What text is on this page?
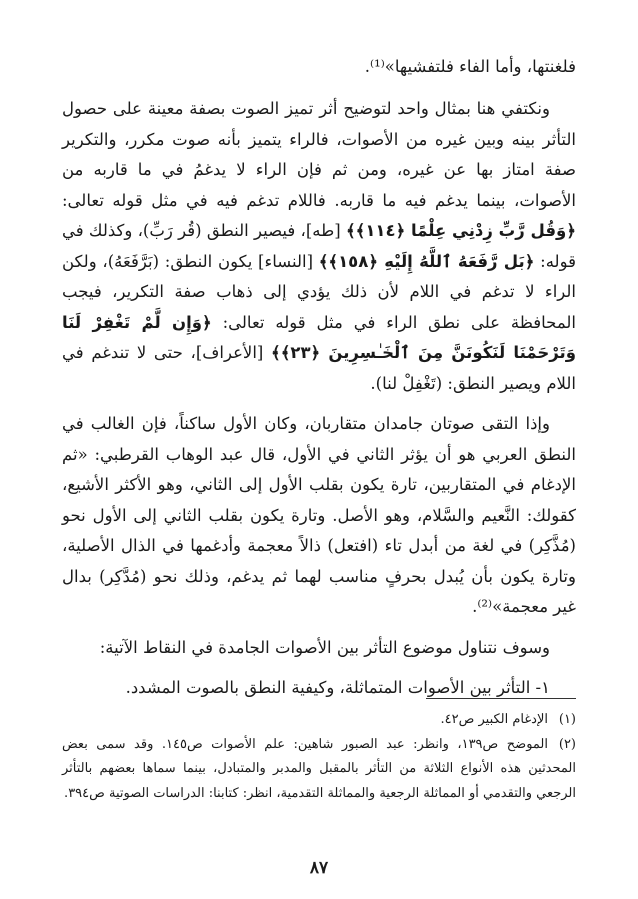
فلغنتها، وأما الفاء فلتفشيها»⁽¹⁾.

ونكتفي هنا بمثال واحد لتوضيح أثر تميز الصوت بصفة معينة على حصول التأثر بينه وبين غيره من الأصوات، فالراء يتميز بأنه صوت مكرر، والتكرير صفة امتاز بها عن غيره، ومن ثم فإن الراء لا يدغمُ في ما قاربه من الأصوات، بينما يدغم فيه ما قاربه. فاللام تدغم فيه في مثل قوله تعالى: ﴿وَقُل رَّبِّ زِدْنِي عِلْمًا ﴿١١٤﴾﴾ [طه]، فيصير النطق (قُر رَبِّ)، وكذلك في قوله: ﴿بَل رَّفَعَهُ ٱللَّهُ إِلَيْهِ ﴿١٥٨﴾﴾ [النساء] يكون النطق: (بَرَّفَعَهُ)، ولكن الراء لا تدغم في اللام لأن ذلك يؤدي إلى ذهاب صفة التكرير، فيجب المحافظة على نطق الراء في مثل قوله تعالى: ﴿وَإِن لَّمْ تَغْفِرْ لَنَا وَتَرْحَمْنَا لَنَكُونَنَّ مِنَ ٱلْخَـٰسِرِينَ ﴿٢٣﴾﴾ [الأعراف]، حتى لا تندغم في اللام ويصير النطق: (تَغْفِلْ لنا).

وإذا التقى صوتان جامدان متقاربان، وكان الأول ساكناً، فإن الغالب في النطق العربي هو أن يؤثر الثاني في الأول، قال عبد الوهاب القرطبي: «ثم الإدغام في المتقاربين، تارة يكون بقلب الأول إلى الثاني، وهو الأكثر الأشيع، كقولك: النَّعيم والسَّلام، وهو الأصل. وتارة يكون بقلب الثاني إلى الأول نحو (مُذَّكِر) في لغة من أبدل تاء (افتعل) ذالاً معجمة وأدغمها في الذال الأصلية، وتارة يكون بأن يُبدل بحرفٍ مناسب لهما ثم يدغم، وذلك نحو (مُدَّكِر) بدال غير معجمة»⁽²⁾.

وسوف نتناول موضوع التأثر بين الأصوات الجامدة في النقاط الآتية:

١- التأثر بين الأصوات المتماثلة، وكيفية النطق بالصوت المشدد.

(١)الإدغام الكبير ص٤٢.

(٢)الموضح ص١٣٩، وانظر: عبد الصبور شاهين: علم الأصوات ص١٤٥. وقد سمى بعض المحدثين هذه الأنواع الثلاثة من التأثر بالمقبل والمدبر والمتبادل، بينما سماها بعضهم بالتأثر الرجعي والتقدمي أو المماثلة الرجعية والمماثلة التقدمية، انظر: كتابنا: الدراسات الصوتية ص٣٩٤.

٨٧
